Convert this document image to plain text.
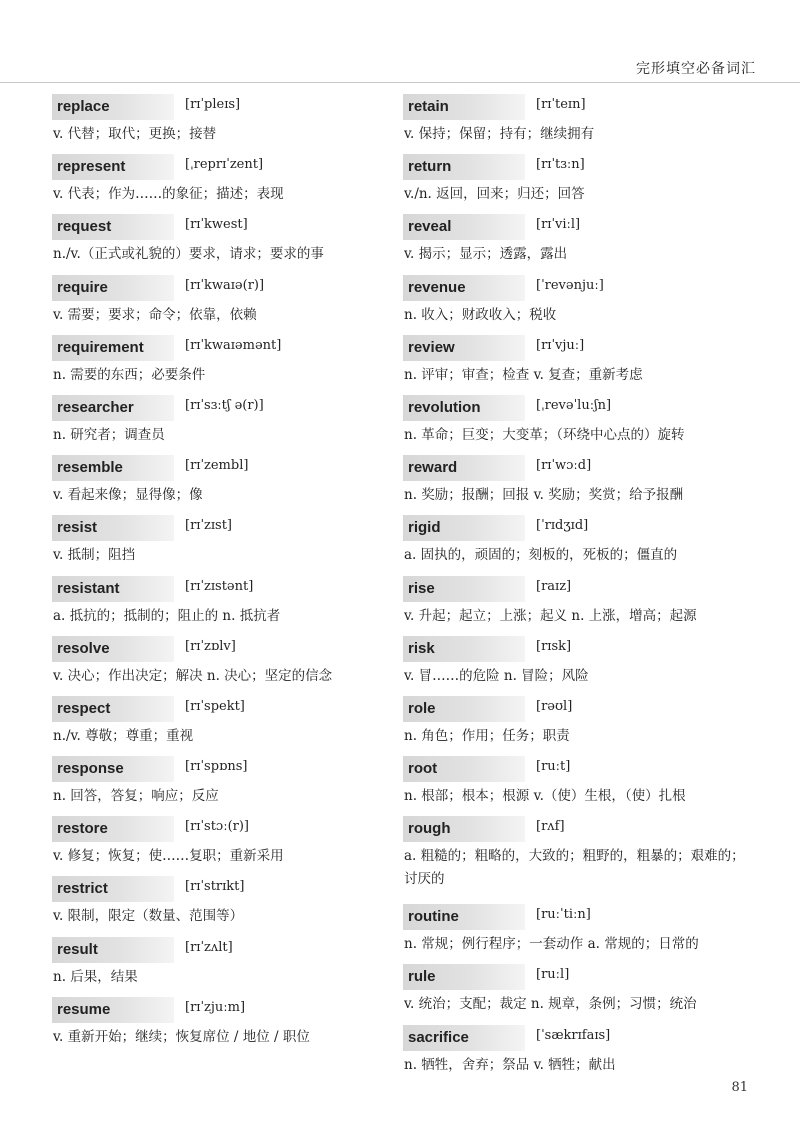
完形填空必备词汇
replace	[rɪˈpleɪs]
v. 代替；取代；更换；接替
represent	[ˌreprɪˈzent]
v. 代表；作为……的象征；描述；表现
request	[rɪˈkwest]
n./v.（正式或礼貌的）要求，请求；要求的事
require	[rɪˈkwaɪə(r)]
v. 需要；要求；命令；依靠，依赖
requirement	[rɪˈkwaɪəmənt]
n. 需要的东西；必要条件
researcher	[rɪˈsɜːtʃ ə(r)]
n. 研究者；调查员
resemble	[rɪˈzembl]
v. 看起来像；显得像；像
resist	[rɪˈzɪst]
v. 抵制；阻挡
resistant	[rɪˈzɪstənt]
a. 抵抗的；抵制的；阻止的 n. 抵抗者
resolve	[rɪˈzɒlv]
v. 决心；作出决定；解决 n. 决心；坚定的信念
respect	[rɪˈspekt]
n./v. 尊敬；尊重；重视
response	[rɪˈspɒns]
n. 回答，答复；响应；反应
restore	[rɪˈstɔː(r)]
v. 修复；恢复；使……复职；重新采用
restrict	[rɪˈstrɪkt]
v. 限制，限定（数量、范围等）
result	[rɪˈzʌlt]
n. 后果，结果
resume	[rɪˈzjuːm]
v. 重新开始；继续；恢复席位 / 地位 / 职位
retain	[rɪˈteɪn]
v. 保持；保留；持有；继续拥有
return	[rɪˈtɜːn]
v./n. 返回，回来；归还；回答
reveal	[rɪˈviːl]
v. 揭示；显示；透露，露出
revenue	[ˈrevənjuː]
n. 收入；财政收入；税收
review	[rɪˈvjuː]
n. 评审；审查；检查 v. 复查；重新考虑
revolution	[ˌrevəˈluːʃn]
n. 革命；巨变；大变革；（环绕中心点的）旋转
reward	[rɪˈwɔːd]
n. 奖励；报酬；回报 v. 奖励；奖赏；给予报酬
rigid	[ˈrɪdʒɪd]
a. 固执的，顽固的；刻板的，死板的；僵直的
rise	[raɪz]
v. 升起；起立；上涨；起义 n. 上涨，增高；起源
risk	[rɪsk]
v. 冒……的危险 n. 冒险；风险
role	[rəʊl]
n. 角色；作用；任务；职责
root	[ruːt]
n. 根部；根本；根源 v.（使）生根，（使）扎根
rough	[rʌf]
a. 粗糙的；粗略的，大致的；粗野的，粗暴的；艰难的；讨厌的
routine	[ruːˈtiːn]
n. 常规；例行程序；一套动作 a. 常规的；日常的
rule	[ruːl]
v. 统治；支配；裁定 n. 规章，条例；习惯；统治
sacrifice	[ˈsækrɪfaɪs]
n. 牺牲，舍弃；祭品 v. 牺牲；献出
81
